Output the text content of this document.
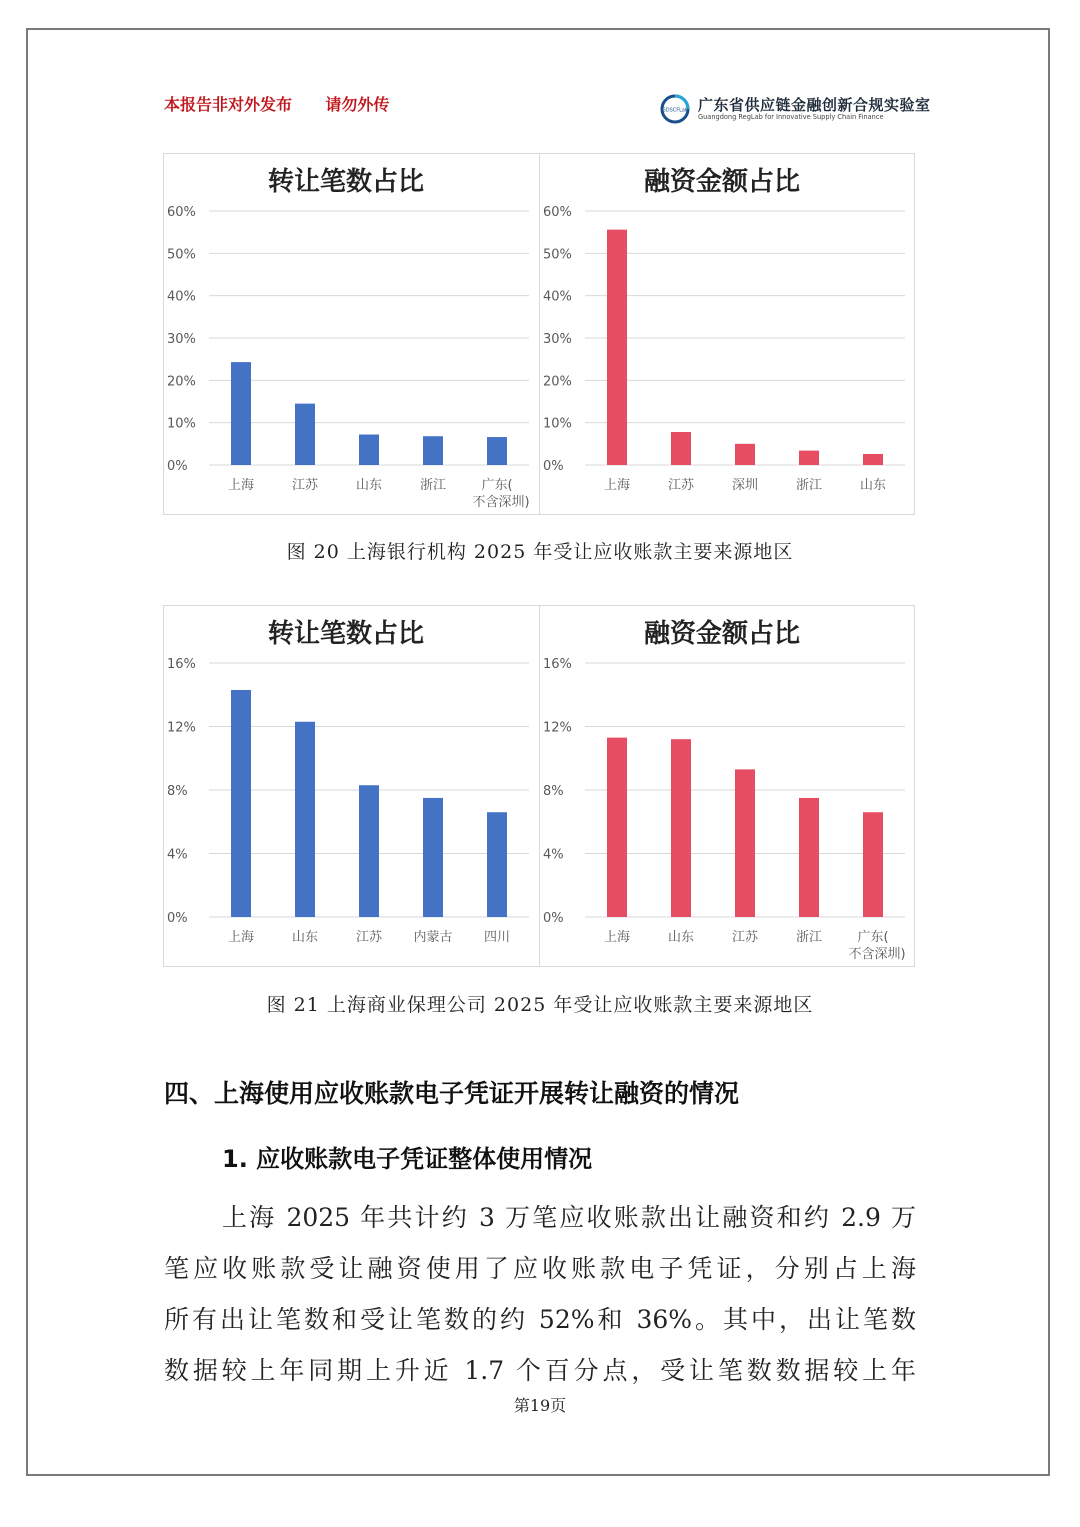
本报告非对外发布      请勿外传	GDSCFLab 广东省供应链金融创新合规实验室
Guangdong RegLab for Innovative Supply Chain Finance
转让笔数占比
0%
10%
20%
30%
40%
50%
60%
上海	江苏	山东	浙江	广东(不含深圳)
融资金额占比
0%
10%
20%
30%
40%
50%
60%
上海	江苏	深圳	浙江	山东
图 20 上海银行机构 2025 年受让应收账款主要来源地区
转让笔数占比
0%
4%
8%
12%
16%
上海	山东	江苏 内蒙古 四川
融资金额占比
0%
4%
8%
12%
16%
上海	山东	江苏	浙江	广东(不含深圳)
图 21 上海商业保理公司 2025 年受让应收账款主要来源地区
四、上海使用应收账款电子凭证开展转让融资的情况
1. 应收账款电子凭证整体使用情况
上海 2025 年共计约 3 万笔应收账款出让融资和约 2.9 万
笔应收账款受让融资使用了应收账款电子凭证，分别占上海
所有出让笔数和受让笔数的约 52%和 36%。其中，出让笔数
数据较上年同期上升近 1.7 个百分点，受让笔数数据较上年
第19页
